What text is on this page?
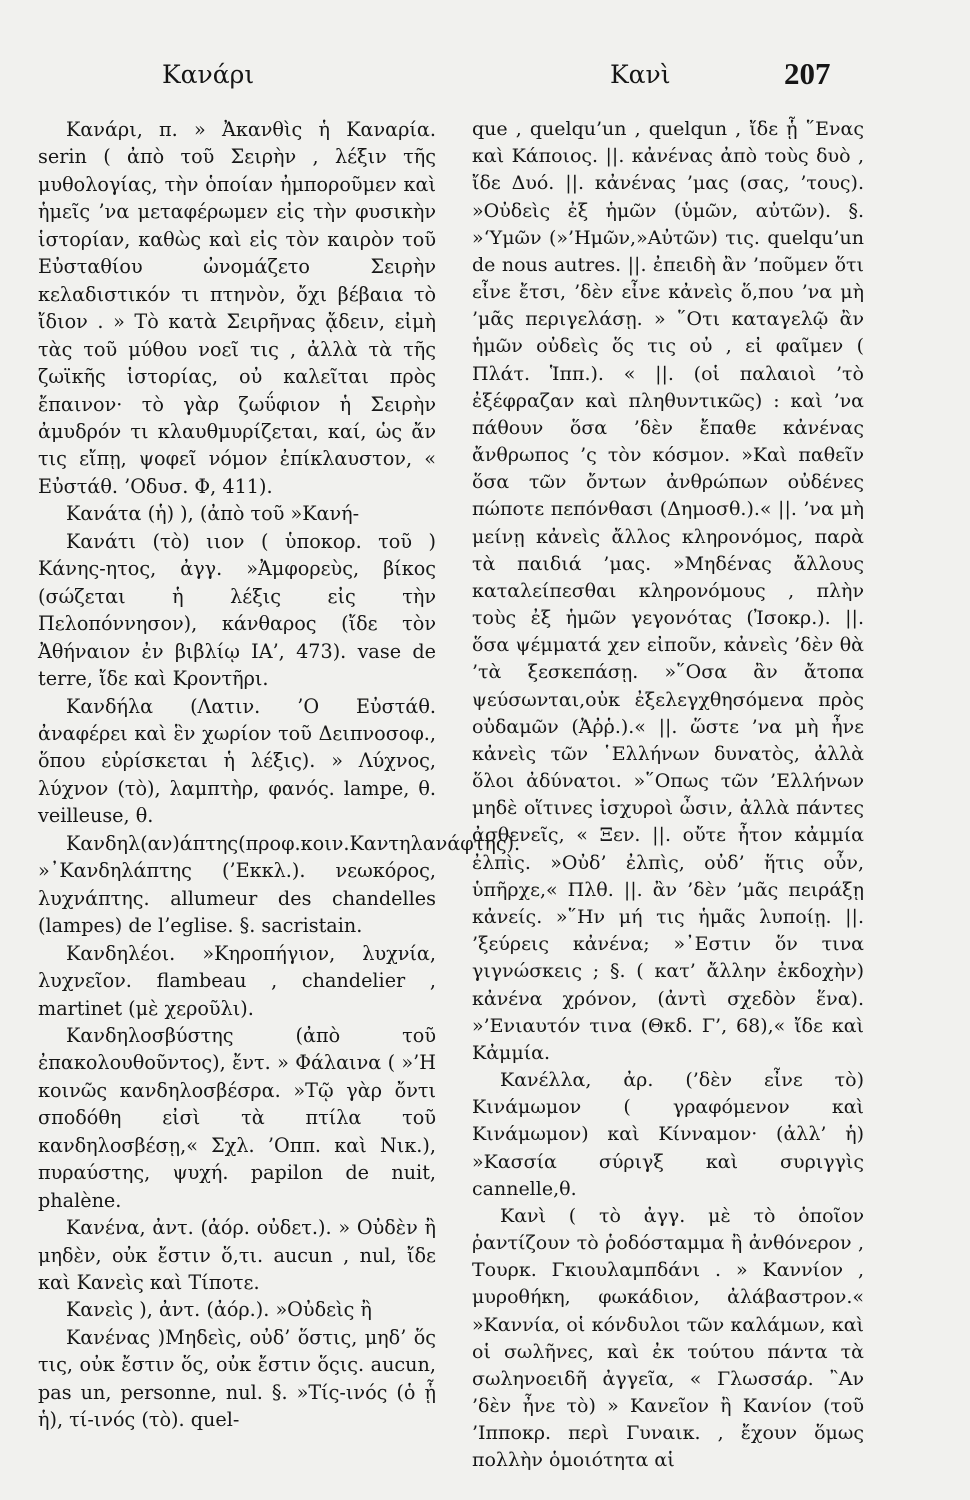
Κανάρι	Κανὶ	207

Κανάρι, π. » Ἀκανθὶς ἡ Καναρία. serin ( ἀπὸ τοῦ Σειρὴν , λέξιν τῆς μυθολογίας, τὴν ὁποίαν ἠμποροῦμεν καὶ ἡμεῖς ’να μεταφέρωμεν εἰς τὴν φυσικὴν ἱστορίαν, καθὼς καὶ εἰς τὸν καιρὸν τοῦ Εὐσταθίου ὠνομάζετο Σειρὴν κελαδιστικόν τι πτηνὸν, ὄχι βέβαια τὸ ἴδιον . » Τὸ κατὰ Σειρῆνας ᾄδειν, εἰμὴ τὰς τοῦ μύθου νοεῖ τις , ἀλλὰ τὰ τῆς ζωϊκῆς ἱστορίας, οὐ καλεῖται πρὸς ἔπαινον· τὸ γὰρ ζωΰφιον ἡ Σειρὴν ἀμυδρόν τι κλαυθμυρίζεται, καί, ὡς ἄν τις εἴπῃ, ψοφεῖ νόμον ἐπίκλαυστον, « Εὐστάθ. ’Οδυσ. Φ, 411).

Κανάτα (ἡ) ), (ἀπὸ τοῦ »Κανή-

Κανάτι (τὸ) ιιον ( ὑποκορ. τοῦ ) Κάνης-ητος, ἀγγ. »Ἀμφορεὺς, βίκος (σώζεται ἡ λέξις εἰς τὴν Πελοπόννησον), κάνθαρος (ἴδε τὸν Ἀθήναιον ἐν βιβλίῳ ΙΑ’, 473). vase de terre, ἴδε καὶ Κροντῆρι.

Κανδήλα (Λατιν. ’Ο Εὐστάθ. ἀναφέρει καὶ ἓν χωρίον τοῦ Δειπνοσοφ., ὅπου εὑρίσκεται ἡ λέξις). » Λύχνος, λύχνον (τὸ), λαμπτὴρ, φανός. lampe, θ. veilleuse, θ.

Κανδηλ(αν)άπτης(προφ.κοιν.Καντηλανάφτης). »᾿Κανδηλάπτης (’Εκκλ.). νεωκόρος, λυχνάπτης. allumeur des chandelles (lampes) de l’eglise. §. sacristain.

Κανδηλέοι. »Κηροπήγιον, λυχνία, λυχνεῖον. flambeau , chandelier , martinet (μὲ χεροῦλι).

Κανδηλοσβύστης (ἀπὸ τοῦ ἐπακολουθοῦντος), ἔντ. » Φάλαινα ( »’Η κοινῶς κανδηλοσβέσρα. »Τῷ γὰρ ὄντι σποδόθη εἰσὶ τὰ πτίλα τοῦ κανδηλοσβέσῃ,« Σχλ. ’Οππ. καὶ Νικ.), πυραύστης, ψυχή. papilon de nuit, phalène.

Κανένα, ἀντ. (ἀόρ. οὐδετ.). » Οὐδὲν ἢ μηδὲν, οὐκ ἔστιν ὅ,τι. aucun , nul, ἴδε καὶ Κανεὶς καὶ Τίποτε.

Κανεὶς ), ἀντ. (ἀόρ.). »Οὐδεὶς ἢ

Κανένας )Μηδεὶς, οὐδ’ ὅστις, μηδ’ ὅς τις, οὐκ ἔστιν ὅς, οὐκ ἔστιν ὅςις. aucun, pas un, personne, nul. §. »Τίς-ινός (ὁ ᾗ ἡ), τί-ινός (τὸ). quel-

que , quelqu’un , quelqun , ἴδε ᾗ ῞Ενας καὶ Κάποιος. ||. κἀνένας ἀπὸ τοὺς δυὸ , ἴδε Δυό. ||. κἀνένας ’μας (σας, ’τους). »Οὐδεὶς ἐξ ἡμῶν (ὑμῶν, αὐτῶν). §. »‘Υμῶν (»’Ημῶν,»Αὐτῶν) τις. quelqu’un de nous autres. ||. ἐπειδὴ ἂν ’ποῦμεν ὅτι εἶνε ἔτσι, ’δὲν εἶνε κἀνεὶς ὅ,που ’να μὴ ’μᾶς περιγελάσῃ. » ῞Οτι καταγελῷ ἂν ἡμῶν οὐδεὶς ὅς τις οὐ , εἰ φαῖμεν ( Πλάτ. Ἱππ.). « ||. (οἱ παλαιοὶ ’τὸ ἐξέφραζαν καὶ πληθυντικῶς) : καὶ ’να πάθουν ὅσα ’δὲν ἔπαθε κἀνένας ἄνθρωπος ’ς τὸν κόσμον. »Καὶ παθεῖν ὅσα τῶν ὄντων ἀνθρώπων οὐδένες πώποτε πεπόνθασι (Δημοσθ.).« ||. ’να μὴ μείνῃ κἀνεὶς ἄλλος κληρονόμος, παρὰ τὰ παιδιά ’μας. »Μηδένας ἄλλους καταλείπεσθαι κληρονόμους , πλὴν τοὺς ἐξ ἡμῶν γεγονότας (Ἰσοκρ.). ||. ὅσα ψέμματά χεν εἰποῦν, κἀνεὶς ’δὲν θὰ ’τὰ ξεσκεπάσῃ. »῞Οσα ἂν ἄτοπα ψεύσωνται,οὐκ ἐξελεγχθησόμενα πρὸς οὐδαμῶν (Ἀῤῥ.).« ||. ὥστε ’να μὴ ἦνε κἀνεὶς τῶν ῾Ελλήνων δυνατὸς, ἀλλὰ ὅλοι ἀδύνατοι. »῞Οπως τῶν ’Ελλήνων μηδὲ οἵτινες ἰσχυροὶ ὦσιν, ἀλλὰ πάντες ἀσθενεῖς, « Ξεν. ||. οὔτε ἦτον κἀμμία ἐλπὶς. »Οὐδ’ ἐλπὶς, οὐδ’ ἥτις οὖν, ὑπῆρχε,« Πλθ. ||. ἂν ’δὲν ’μᾶς πειράξῃ κἀνείς. »῞Ην μή τις ἡμᾶς λυποίῃ. ||. ’ξεύρεις κἀνένα; »᾿Εστιν ὅν τινα γιγνώσκεις ; §. ( κατ’ ἄλλην ἐκδοχὴν) κἀνένα χρόνον, (ἀντὶ σχεδὸν ἕνα). »’Ενιαυτόν τινα (Θκδ. Γ’, 68),« ἴδε καὶ Κἀμμία.

Κανέλλα, ἀρ. (’δὲν εἶνε τὸ) Κινάμωμον ( γραφόμενον καὶ Κινάμωμον) καὶ Κίνναμον· (ἀλλ’ ἡ) »Κασσία σύριγξ καὶ συριγγὶς cannelle,θ.

Κανὶ ( τὸ ἀγγ. μὲ τὸ ὁποῖον ῥαντίζουν τὸ ῥοδόσταμμα ἢ ἀνθόνερον , Τουρκ. Γκιουλαμπδάνι . » Καννίον , μυροθήκη, φωκάδιον, ἀλάβαστρον.« »Καννία, οἱ κόνδυλοι τῶν καλάμων, καὶ οἱ σωλῆνες, καὶ ἐκ τούτου πάντα τὰ σωληνοειδῆ ἀγγεῖα, « Γλωσσάρ. ῍Αν ’δὲν ἦνε τὸ) » Κανεῖον ἢ Κανίον (τοῦ ’Ιπποκρ. περὶ Γυναικ. , ἔχουν ὅμως πολλὴν ὁμοιότητα αἱ
